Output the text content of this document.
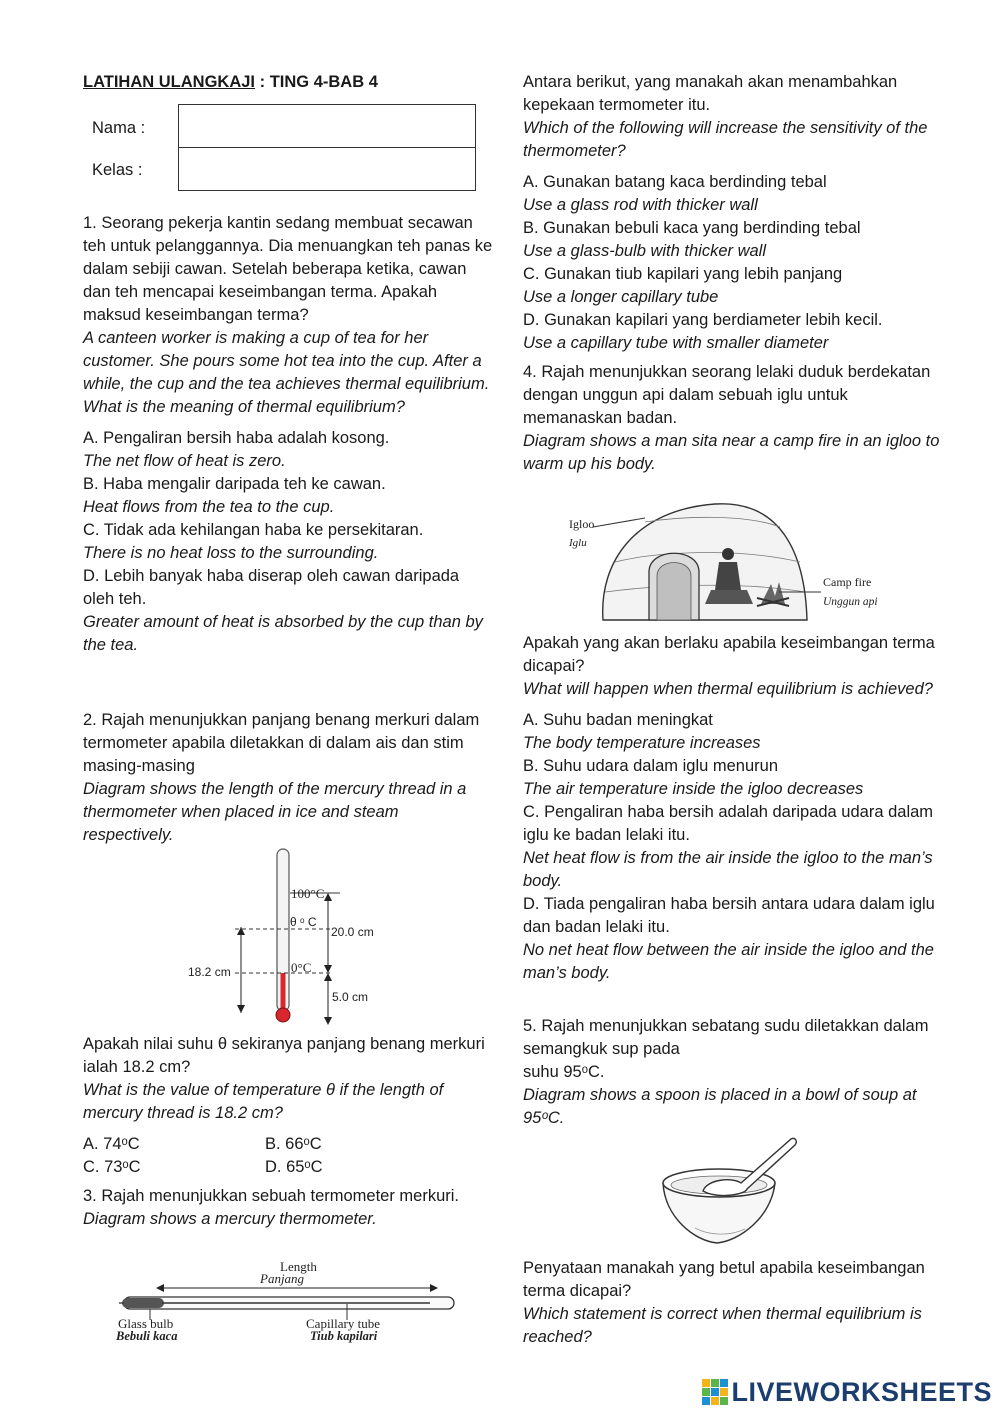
LATIHAN ULANGKAJI : TING 4-BAB 4
Nama :
Kelas :

1. Seorang pekerja kantin sedang membuat secawan teh untuk pelanggannya. Dia menuangkan teh panas ke dalam sebiji cawan. Setelah beberapa ketika, cawan dan teh mencapai keseimbangan terma. Apakah maksud keseimbangan terma?

A canteen worker is making a cup of tea for her customer. She pours some hot tea into the cup. After a while, the cup and the tea achieves thermal equilibrium. What is the meaning of thermal equilibrium?

A. Pengaliran bersih haba adalah kosong.

The net flow of heat is zero.

B. Haba mengalir daripada teh ke cawan.

Heat flows from the tea to the cup.

C. Tidak ada kehilangan haba ke persekitaran.

There is no heat loss to the surrounding.

D. Lebih banyak haba diserap oleh cawan daripada oleh teh.

Greater amount of heat is absorbed by the cup than by the tea.

2. Rajah menunjukkan panjang benang merkuri dalam termometer apabila diletakkan di dalam ais dan stim masing-masing

Diagram shows the length of the mercury thread in a thermometer when placed in ice and steam respectively.

100°C
θ ᵒ C
0°C
20.0 cm
18.2 cm
5.0 cm

Apakah nilai suhu θ sekiranya panjang benang merkuri ialah 18.2 cm?

What is the value of temperature θ if the length of mercury thread is 18.2 cm?

A. 74ᵒC	B. 66ᵒC
C. 73ᵒC	D. 65ᵒC

3. Rajah menunjukkan sebuah termometer merkuri.

Diagram shows a mercury thermometer.

Length
Panjang
Glass bulb
Bebuli kaca
Capillary tube
Tiub kapilari

Antara berikut, yang manakah akan menambahkan kepekaan termometer itu.

Which of the following will increase the sensitivity of the thermometer?

A. Gunakan batang kaca berdinding tebal

Use a glass rod with thicker wall

B. Gunakan bebuli kaca yang berdinding tebal

Use a glass-bulb with thicker wall

C. Gunakan tiub kapilari yang lebih panjang

Use a longer capillary tube

D. Gunakan kapilari yang berdiameter lebih kecil.

Use a capillary tube with smaller diameter

4. Rajah menunjukkan seorang lelaki duduk berdekatan dengan unggun api dalam sebuah iglu untuk memanaskan badan.

Diagram shows a man sita near a camp fire in an igloo to warm up his body.

Igloo
Iglu
Camp fire
Unggun api

Apakah yang akan berlaku apabila keseimbangan terma dicapai?

What will happen when thermal equilibrium is achieved?

A. Suhu badan meningkat

The body temperature increases

B. Suhu udara dalam iglu menurun

The air temperature inside the igloo decreases

C. Pengaliran haba bersih adalah daripada udara dalam iglu ke badan lelaki itu.

Net heat flow is from the air inside the igloo to the man’s body.

D. Tiada pengaliran haba bersih antara udara dalam iglu dan badan lelaki itu.

No net heat flow between the air inside the igloo and the man’s body.

5. Rajah menunjukkan sebatang sudu diletakkan dalam semangkuk sup pada

suhu 95ᵒC.

Diagram shows a spoon is placed in a bowl of soup at 95ᵒC.

Penyataan manakah yang betul apabila keseimbangan terma dicapai?

Which statement is correct when thermal equilibrium is reached?

LIVEWORKSHEETS
